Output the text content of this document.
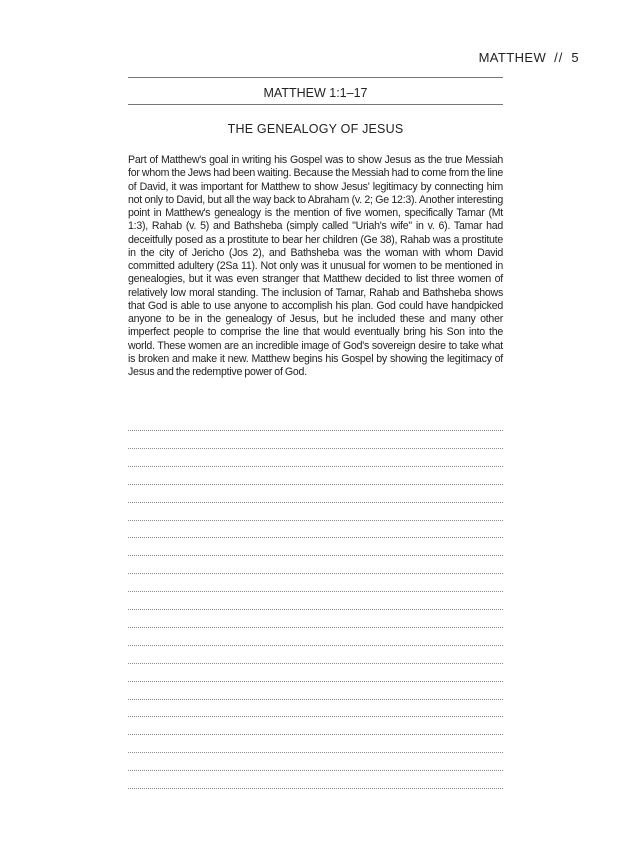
MATTHEW // 5
MATTHEW 1:1–17
THE GENEALOGY OF JESUS
Part of Matthew's goal in writing his Gospel was to show Jesus as the true Messiah for whom the Jews had been waiting. Because the Messiah had to come from the line of David, it was important for Matthew to show Jesus' legitimacy by connecting him not only to David, but all the way back to Abraham (v. 2; Ge 12:3). Another interesting point in Matthew's genealogy is the mention of five women, specifically Tamar (Mt 1:3), Rahab (v. 5) and Bathsheba (simply called "Uriah's wife" in v. 6). Tamar had deceitfully posed as a prostitute to bear her children (Ge 38), Rahab was a prostitute in the city of Jericho (Jos 2), and Bathsheba was the woman with whom David committed adultery (2Sa 11). Not only was it unusual for women to be mentioned in genealogies, but it was even stranger that Matthew decided to list three women of relatively low moral standing. The inclusion of Tamar, Rahab and Bathsheba shows that God is able to use anyone to accomplish his plan. God could have handpicked anyone to be in the genealogy of Jesus, but he included these and many other imperfect people to comprise the line that would eventually bring his Son into the world. These women are an incredible image of God's sovereign desire to take what is broken and make it new. Matthew begins his Gospel by showing the legitimacy of Jesus and the redemptive power of God.
